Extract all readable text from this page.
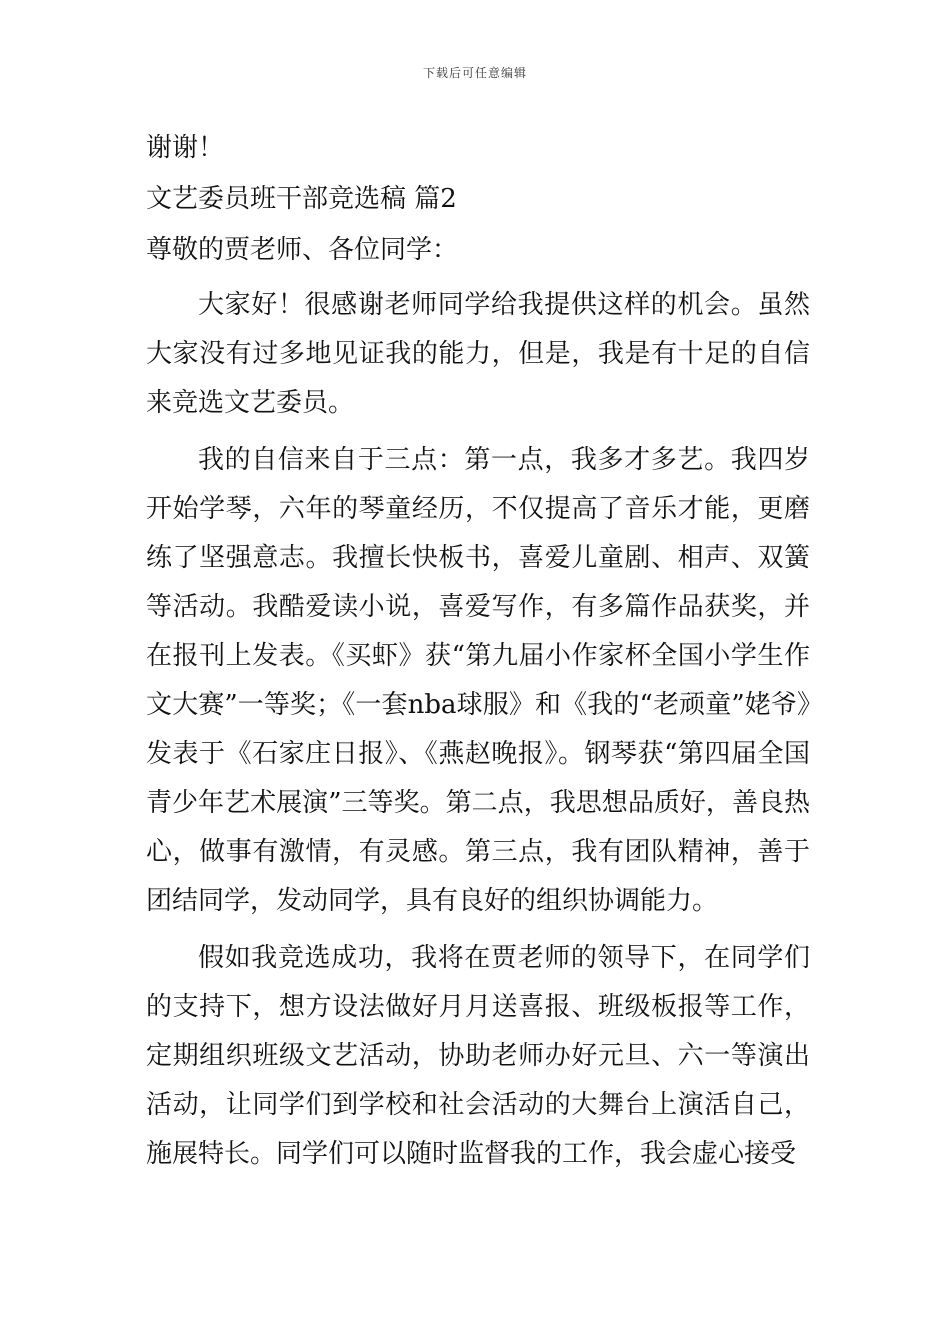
下载后可任意编辑
谢谢！
文艺委员班干部竞选稿 篇2
尊敬的贾老师、各位同学：

大家好！很感谢老师同学给我提供这样的机会。虽然大家没有过多地见证我的能力，但是，我是有十足的自信来竞选文艺委员。

我的自信来自于三点：第一点，我多才多艺。我四岁开始学琴，六年的琴童经历，不仅提高了音乐才能，更磨练了坚强意志。我擅长快板书，喜爱儿童剧、相声、双簧等活动。我酷爱读小说，喜爱写作，有多篇作品获奖，并在报刊上发表。《买虾》获“第九届小作家杯全国小学生作文大赛”一等奖；《一套nba球服》和《我的“老顽童”姥爷》发表于《石家庄日报》、《燕赵晚报》。钢琴获“第四届全国青少年艺术展演”三等奖。第二点，我思想品质好，善良热心，做事有激情，有灵感。第三点，我有团队精神，善于团结同学，发动同学，具有良好的组织协调能力。

假如我竞选成功，我将在贾老师的领导下，在同学们的支持下，想方设法做好月月送喜报、班级板报等工作，定期组织班级文艺活动，协助老师办好元旦、六一等演出活动，让同学们到学校和社会活动的大舞台上演活自己，施展特长。同学们可以随时监督我的工作，我会虚心接受
